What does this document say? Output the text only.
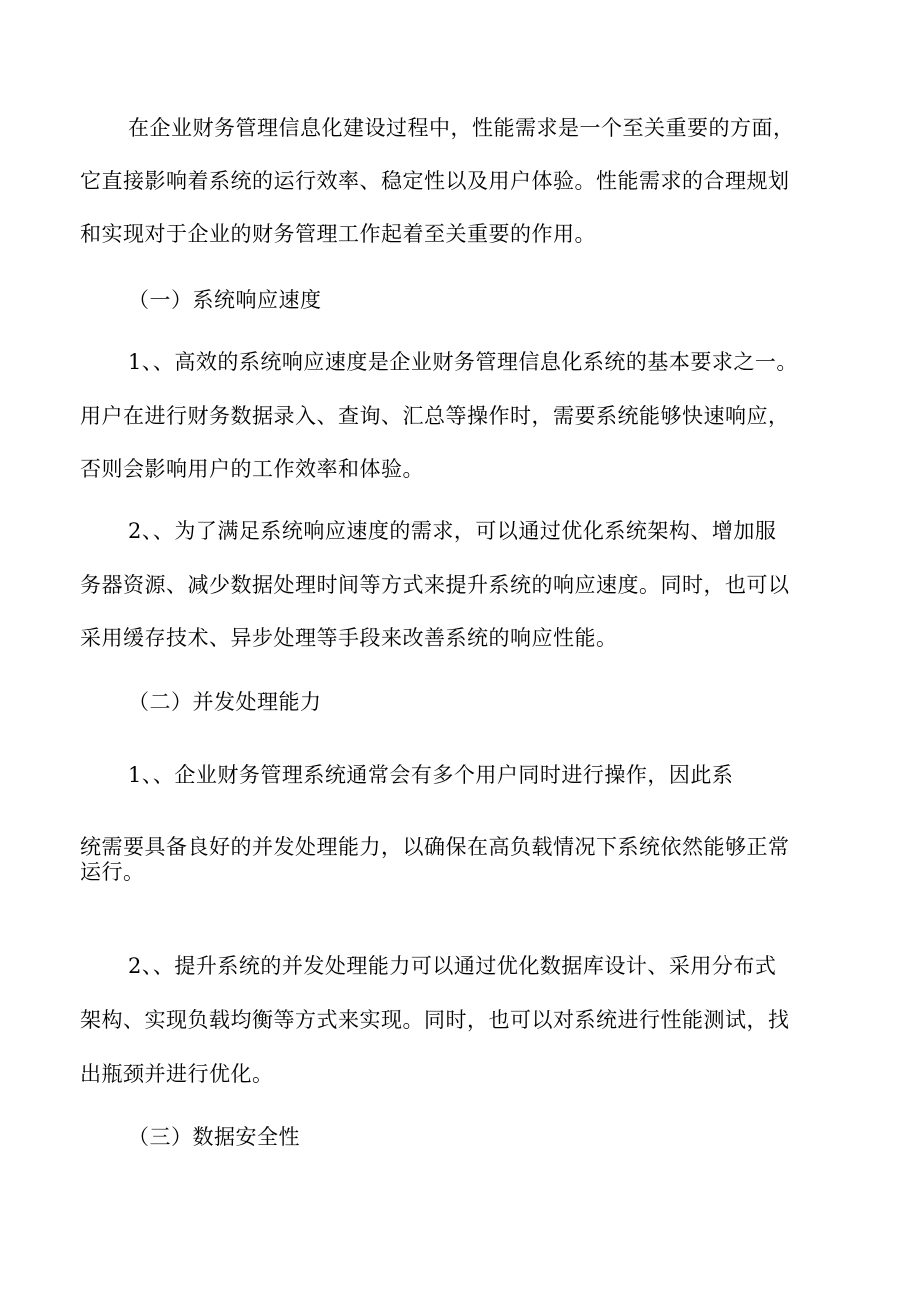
在企业财务管理信息化建设过程中，性能需求是一个至关重要的方面，
它直接影响着系统的运行效率、稳定性以及用户体验。性能需求的合理规划
和实现对于企业的财务管理工作起着至关重要的作用。
（一）系统响应速度
1、、高效的系统响应速度是企业财务管理信息化系统的基本要求之一。
用户在进行财务数据录入、查询、汇总等操作时，需要系统能够快速响应，
否则会影响用户的工作效率和体验。
2、、为了满足系统响应速度的需求，可以通过优化系统架构、增加服
务器资源、减少数据处理时间等方式来提升系统的响应速度。同时，也可以
采用缓存技术、异步处理等手段来改善系统的响应性能。
（二）并发处理能力
1、、企业财务管理系统通常会有多个用户同时进行操作，因此系
统需要具备良好的并发处理能力，以确保在高负载情况下系统依然能够正常
运行。
2、、提升系统的并发处理能力可以通过优化数据库设计、采用分布式
架构、实现负载均衡等方式来实现。同时，也可以对系统进行性能测试，找
出瓶颈并进行优化。
（三）数据安全性
